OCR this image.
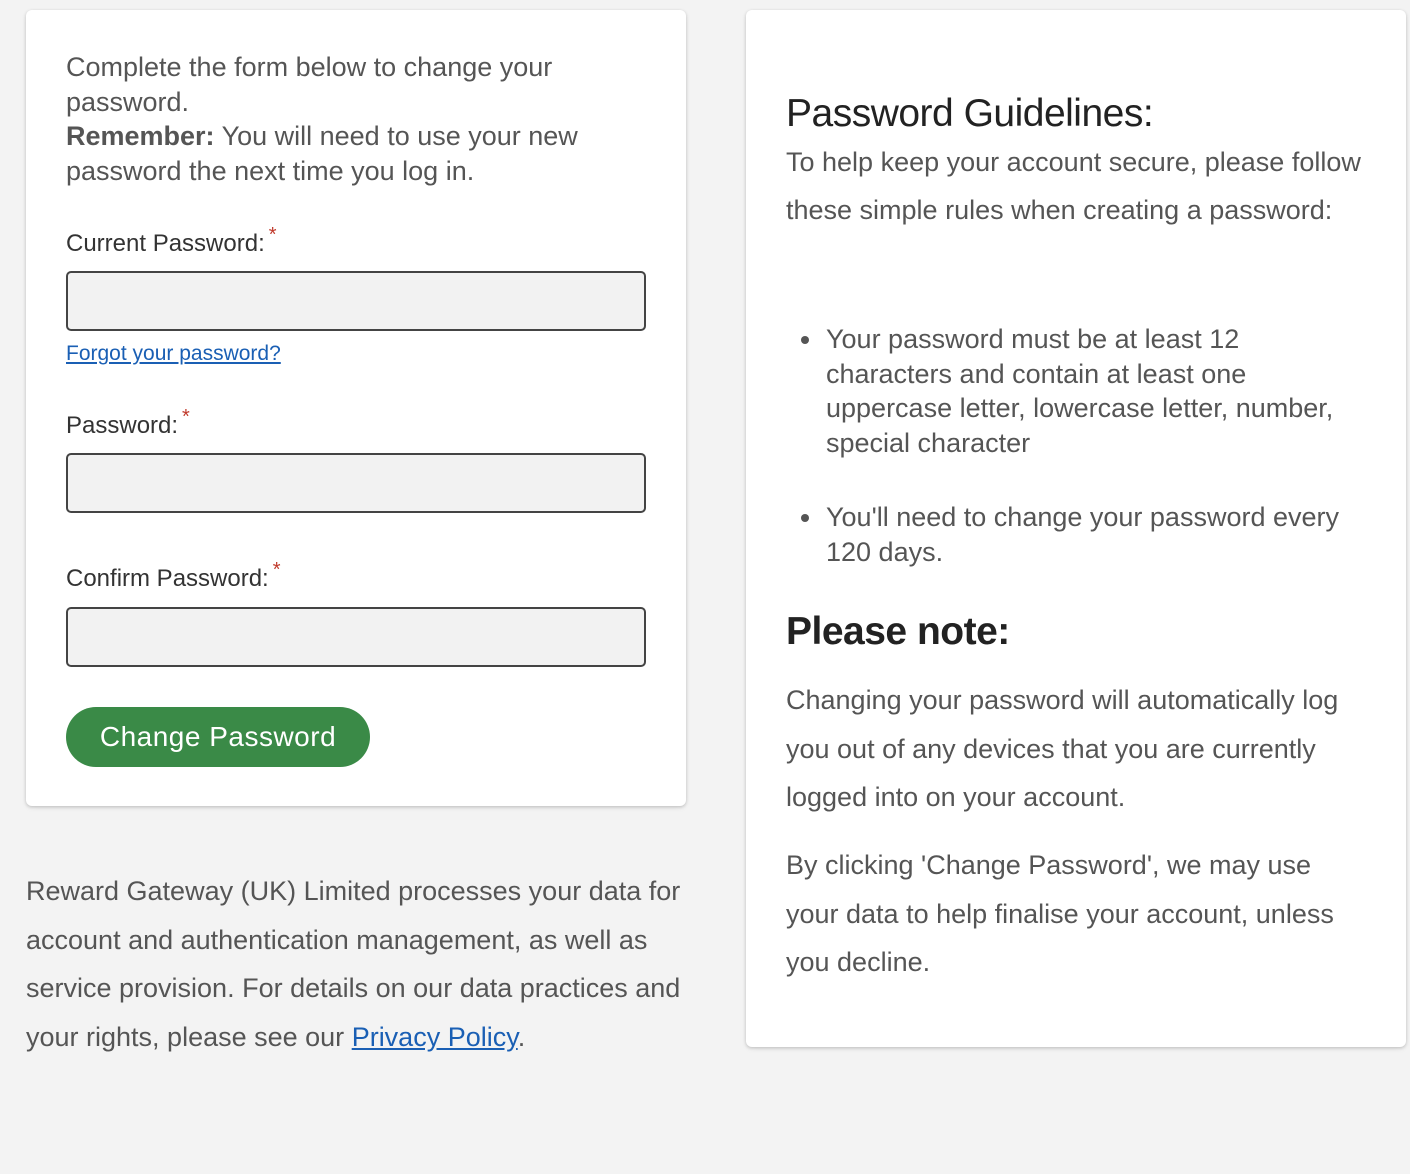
Complete the form below to change your password.
Remember: You will need to use your new password the next time you log in.

Current Password: *
Forgot your password?
Password: *
Confirm Password: *
Change Password

Reward Gateway (UK) Limited processes your data for account and authentication management, as well as service provision. For details on our data practices and your rights, please see our Privacy Policy.

Password Guidelines:

To help keep your account secure, please follow these simple rules when creating a password:

Your password must be at least 12 characters and contain at least one uppercase letter, lowercase letter, number, special character
You'll need to change your password every 120 days.
Please note:

Changing your password will automatically log you out of any devices that you are currently logged into on your account.

By clicking 'Change Password', we may use your data to help finalise your account, unless you decline.
